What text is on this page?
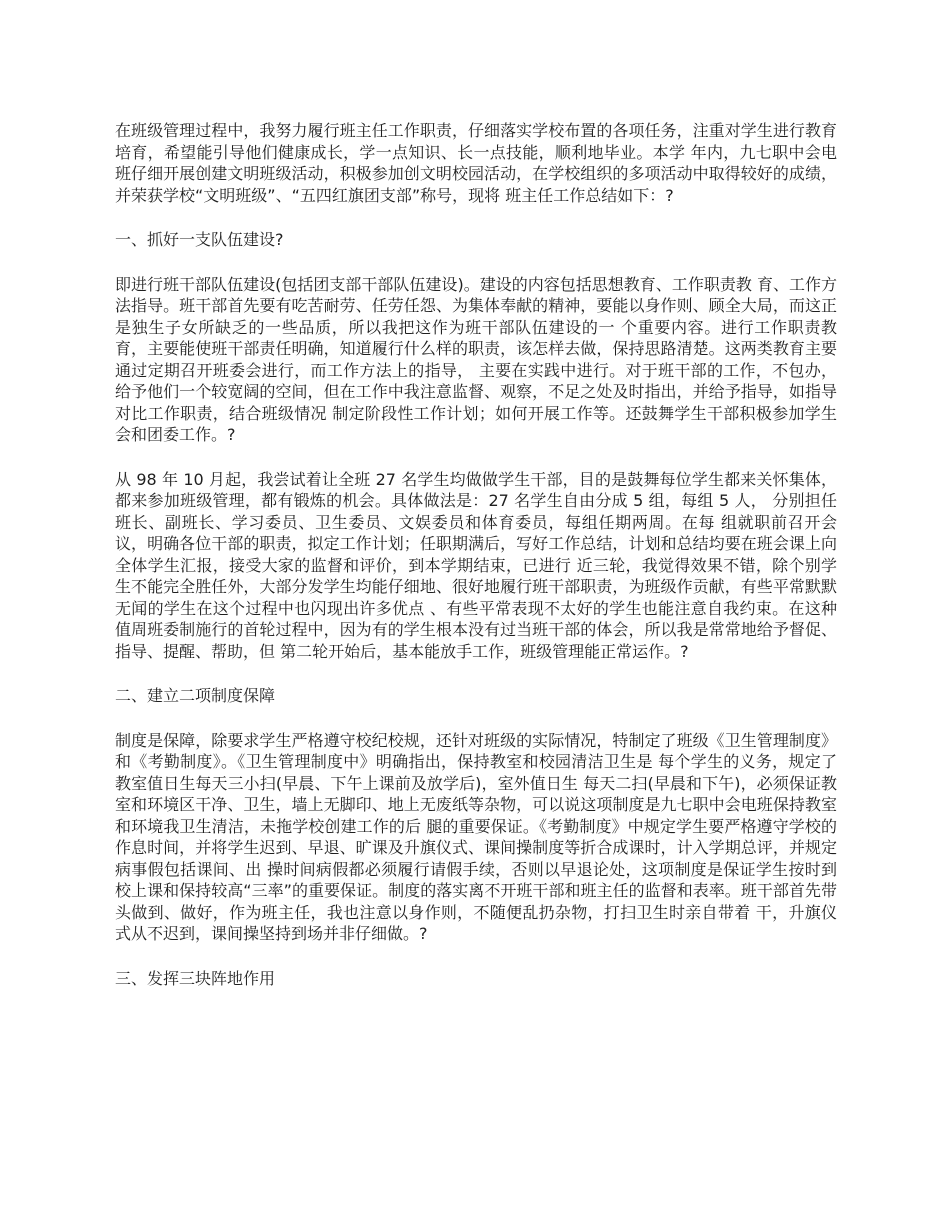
在班级管理过程中，我努力履行班主任工作职责，仔细落实学校布置的各项任务，注重对学生进行教育培育，希望能引导他们健康成长，学一点知识、长一点技能，顺利地毕业。本学 年内，九七职中会电班仔细开展创建文明班级活动，积极参加创文明校园活动，在学校组织的多项活动中取得较好的成绩，并荣获学校“文明班级”、“五四红旗团支部”称号，现将 班主任工作总结如下：?

一、抓好一支队伍建设?

即进行班干部队伍建设(包括团支部干部队伍建设)。建设的内容包括思想教育、工作职责教 育、工作方法指导。班干部首先要有吃苦耐劳、任劳任怨、为集体奉献的精神，要能以身作则、顾全大局，而这正是独生子女所缺乏的一些品质，所以我把这作为班干部队伍建设的一 个重要内容。进行工作职责教育，主要能使班干部责任明确，知道履行什么样的职责，该怎样去做，保持思路清楚。这两类教育主要通过定期召开班委会进行，而工作方法上的指导， 主要在实践中进行。对于班干部的工作，不包办，给予他们一个较宽阔的空间，但在工作中我注意监督、观察，不足之处及时指出，并给予指导，如指导对比工作职责，结合班级情况 制定阶段性工作计划；如何开展工作等。还鼓舞学生干部积极参加学生会和团委工作。?

从 98 年 10 月起，我尝试着让全班 27 名学生均做做学生干部，目的是鼓舞每位学生都来关怀集体，都来参加班级管理，都有锻炼的机会。具体做法是：27 名学生自由分成 5 组，每组 5 人， 分别担任班长、副班长、学习委员、卫生委员、文娱委员和体育委员，每组任期两周。在每 组就职前召开会议，明确各位干部的职责，拟定工作计划；任职期满后，写好工作总结，计划和总结均要在班会课上向全体学生汇报，接受大家的监督和评价，到本学期结束，已进行 近三轮，我觉得效果不错，除个别学生不能完全胜任外，大部分发学生均能仔细地、很好地履行班干部职责，为班级作贡献，有些平常默默无闻的学生在这个过程中也闪现出许多优点 、有些平常表现不太好的学生也能注意自我约束。在这种值周班委制施行的首轮过程中，因为有的学生根本没有过当班干部的体会，所以我是常常地给予督促、指导、提醒、帮助，但 第二轮开始后，基本能放手工作，班级管理能正常运作。?

二、建立二项制度保障

制度是保障，除要求学生严格遵守校纪校规，还针对班级的实际情况，特制定了班级《卫生管理制度》和《考勤制度》。《卫生管理制度中》明确指出，保持教室和校园清洁卫生是 每个学生的义务，规定了教室值日生每天三小扫(早晨、下午上课前及放学后)，室外值日生 每天二扫(早晨和下午)，必须保证教室和环境区干净、卫生，墙上无脚印、地上无废纸等杂物，可以说这项制度是九七职中会电班保持教室和环境我卫生清洁，未拖学校创建工作的后 腿的重要保证。《考勤制度》中规定学生要严格遵守学校的作息时间，并将学生迟到、早退、旷课及升旗仪式、课间操制度等折合成课时，计入学期总评，并规定病事假包括课间、出 操时间病假都必须履行请假手续，否则以早退论处，这项制度是保证学生按时到校上课和保持较高“三率”的重要保证。制度的落实离不开班干部和班主任的监督和表率。班干部首先带头做到、做好，作为班主任，我也注意以身作则，不随便乱扔杂物，打扫卫生时亲自带着 干，升旗仪式从不迟到，课间操坚持到场并非仔细做。?

三、发挥三块阵地作用
